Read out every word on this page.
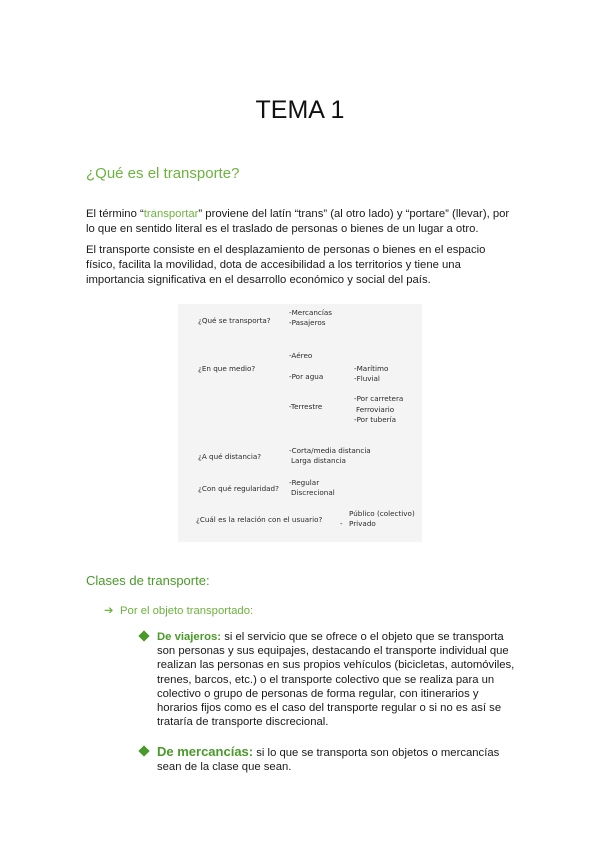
TEMA 1
¿Qué es el transporte?
El término “transportar” proviene del latín “trans” (al otro lado) y “portare” (llevar), por lo que en sentido literal es el traslado de personas o bienes de un lugar a otro.
El transporte consiste en el desplazamiento de personas o bienes en el espacio físico, facilita la movilidad, dota de accesibilidad a los territorios y tiene una importancia significativa en el desarrollo económico y social del país.
¿Qué se transporta?
-Mercancías
-Pasajeros
¿En que medio?
-Aéreo
-Por agua
-Terrestre
-Marítimo
-Fluvial
-Por carretera
Ferroviario
-Por tubería
¿A qué distancia?
-Corta/media distancia
Larga distancia
¿Con qué regularidad?
-Regular
Discrecional
¿Cuál es la relación con el usuario?
Público (colectivo)
- Privado
Clases de transporte:
➔ Por el objeto transportado:
De viajeros: si el servicio que se ofrece o el objeto que se transporta son personas y sus equipajes, destacando el transporte individual que realizan las personas en sus propios vehículos (bicicletas, automóviles, trenes, barcos, etc.) o el transporte colectivo que se realiza para un colectivo o grupo de personas de forma regular, con itinerarios y horarios fijos como es el caso del transporte regular o si no es así se trataría de transporte discrecional.
De mercancías: si lo que se transporta son objetos o mercancías sean de la clase que sean.
